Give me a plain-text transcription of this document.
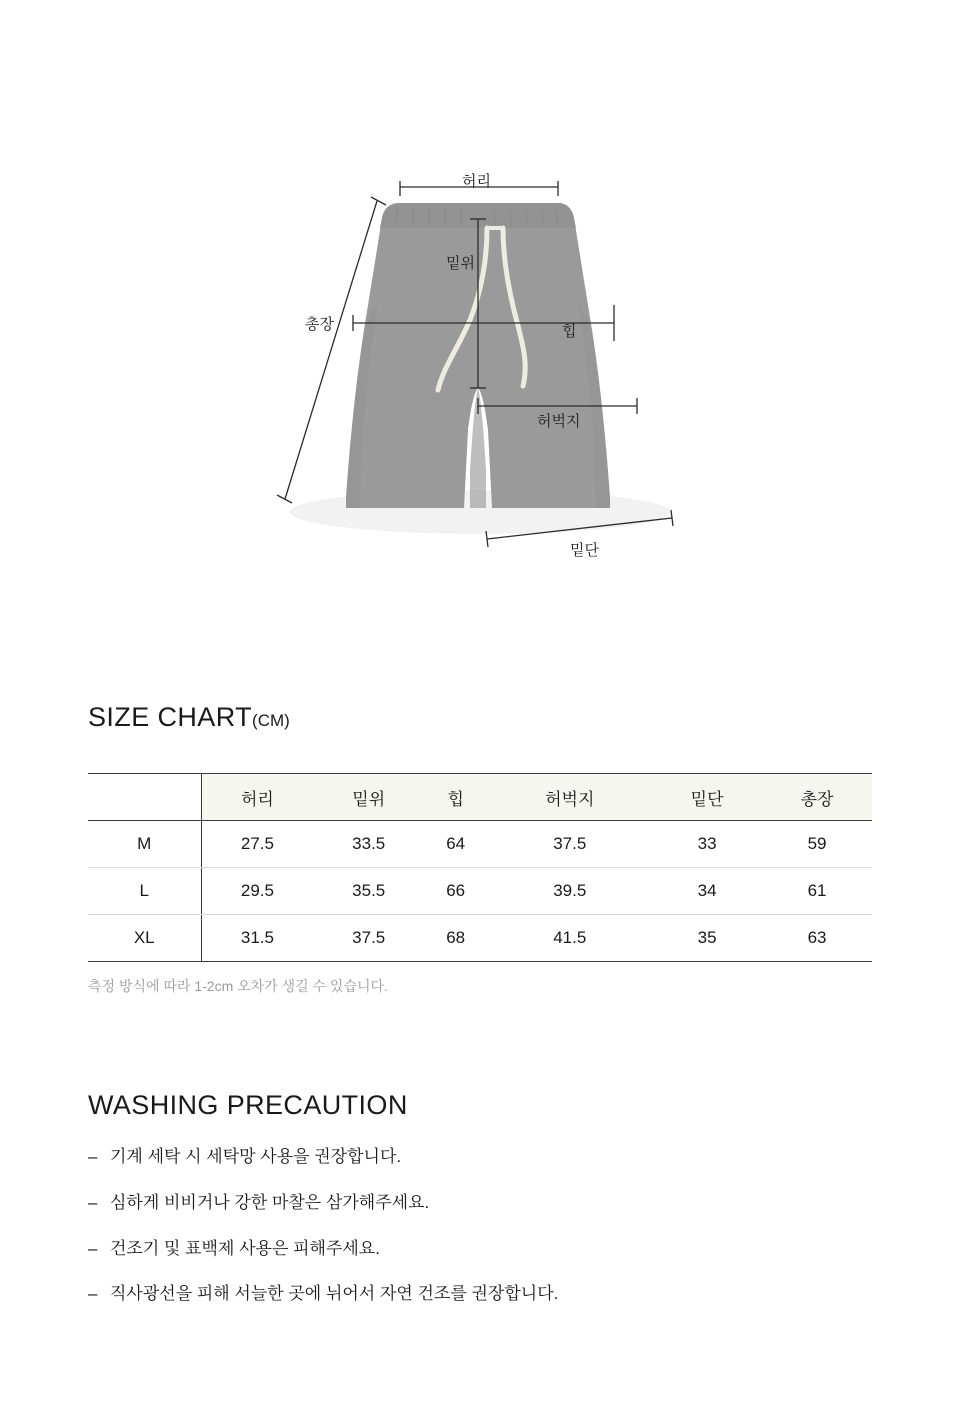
허리
밑위
총장	힙
허벅지
밑단
SIZE CHART(CM)
	허리	밑위	힙	허벅지	밑단	총장
M	27.5	33.5	64	37.5	33	59
L	29.5	35.5	66	39.5	34	61
XL	31.5	37.5	68	41.5	35	63
측정 방식에 따라 1-2cm 오차가 생길 수 있습니다.
WASHING PRECAUTION
– 기계 세탁 시 세탁망 사용을 권장합니다.
– 심하게 비비거나 강한 마찰은 삼가해주세요.
– 건조기 및 표백제 사용은 피해주세요.
– 직사광선을 피해 서늘한 곳에 뉘어서 자연 건조를 권장합니다.
